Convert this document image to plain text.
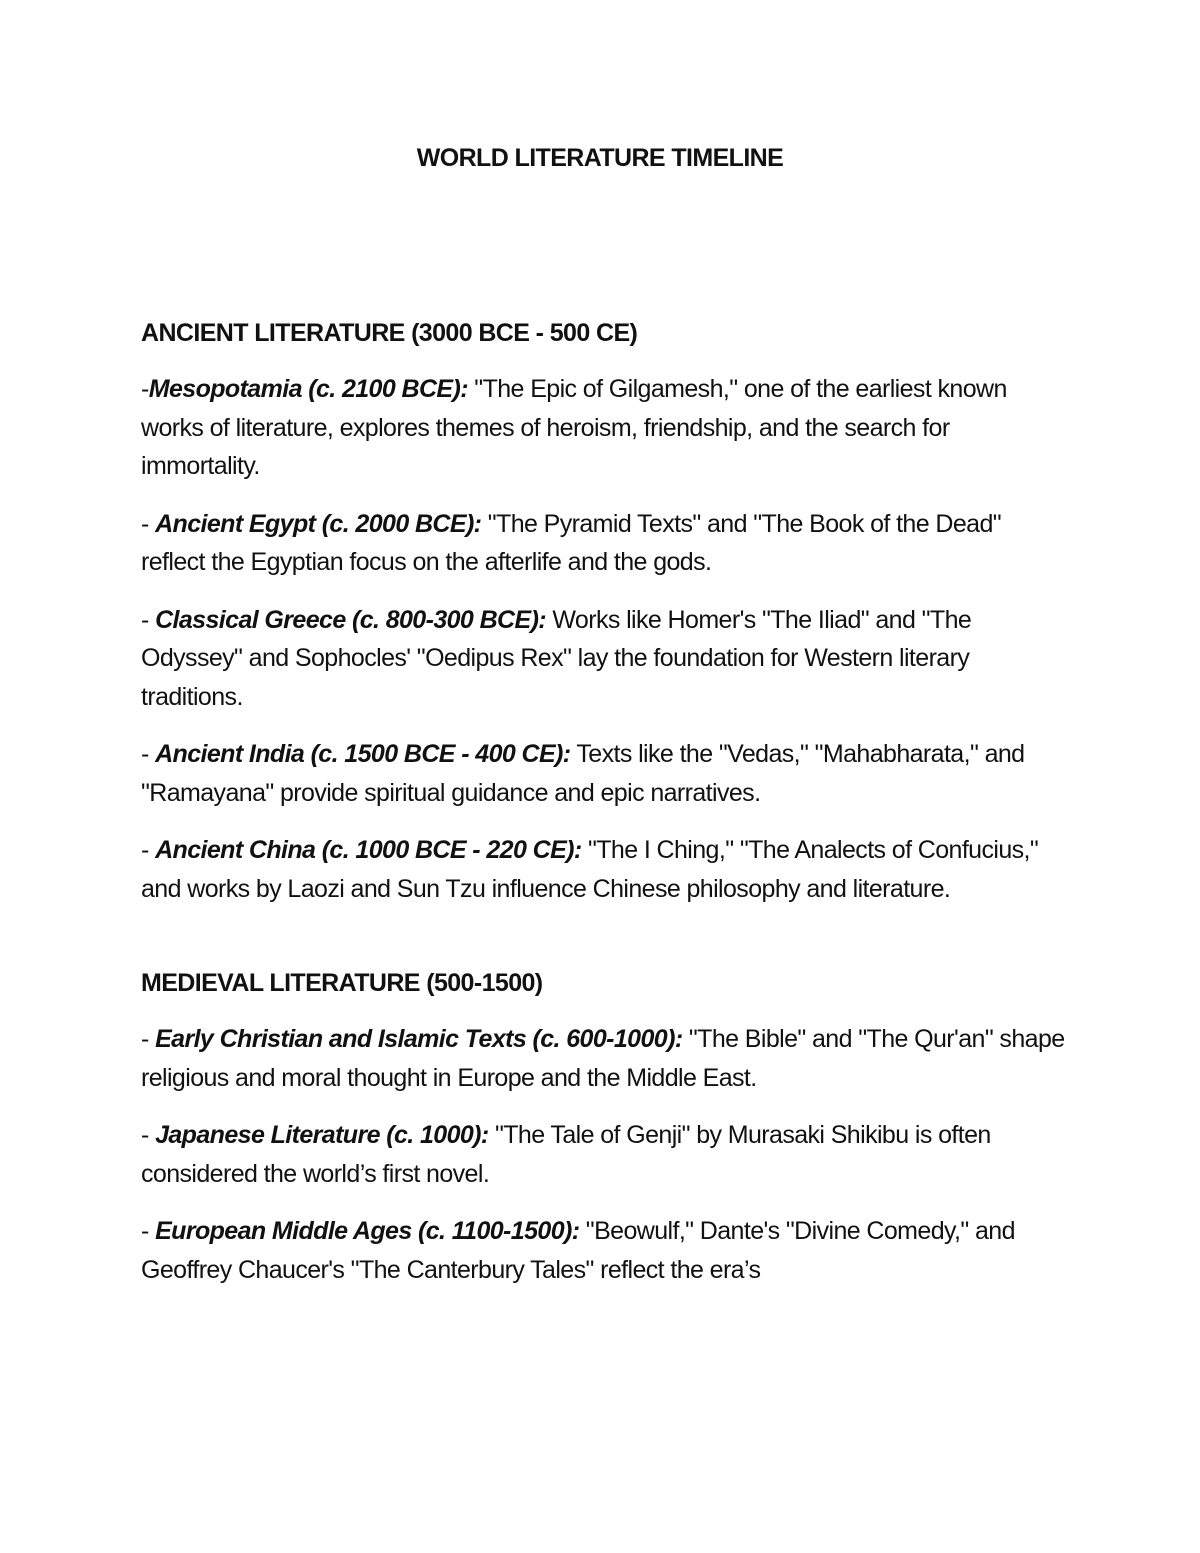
WORLD LITERATURE TIMELINE
ANCIENT LITERATURE (3000 BCE - 500 CE)

-Mesopotamia (c. 2100 BCE): "The Epic of Gilgamesh," one of the earliest known works of literature, explores themes of heroism, friendship, and the search for immortality.

- Ancient Egypt (c. 2000 BCE): "The Pyramid Texts" and "The Book of the Dead" reflect the Egyptian focus on the afterlife and the gods.

- Classical Greece (c. 800-300 BCE): Works like Homer's "The Iliad" and "The Odyssey" and Sophocles' "Oedipus Rex" lay the foundation for Western literary traditions.

- Ancient India (c. 1500 BCE - 400 CE): Texts like the "Vedas," "Mahabharata," and "Ramayana" provide spiritual guidance and epic narratives.

- Ancient China (c. 1000 BCE - 220 CE): "The I Ching," "The Analects of Confucius," and works by Laozi and Sun Tzu influence Chinese philosophy and literature.

MEDIEVAL LITERATURE (500-1500)

- Early Christian and Islamic Texts (c. 600-1000): "The Bible" and "The Qur'an" shape religious and moral thought in Europe and the Middle East.

- Japanese Literature (c. 1000): "The Tale of Genji" by Murasaki Shikibu is often considered the world’s first novel.

- European Middle Ages (c. 1100-1500): "Beowulf," Dante's "Divine Comedy," and Geoffrey Chaucer's "The Canterbury Tales" reflect the era’s
